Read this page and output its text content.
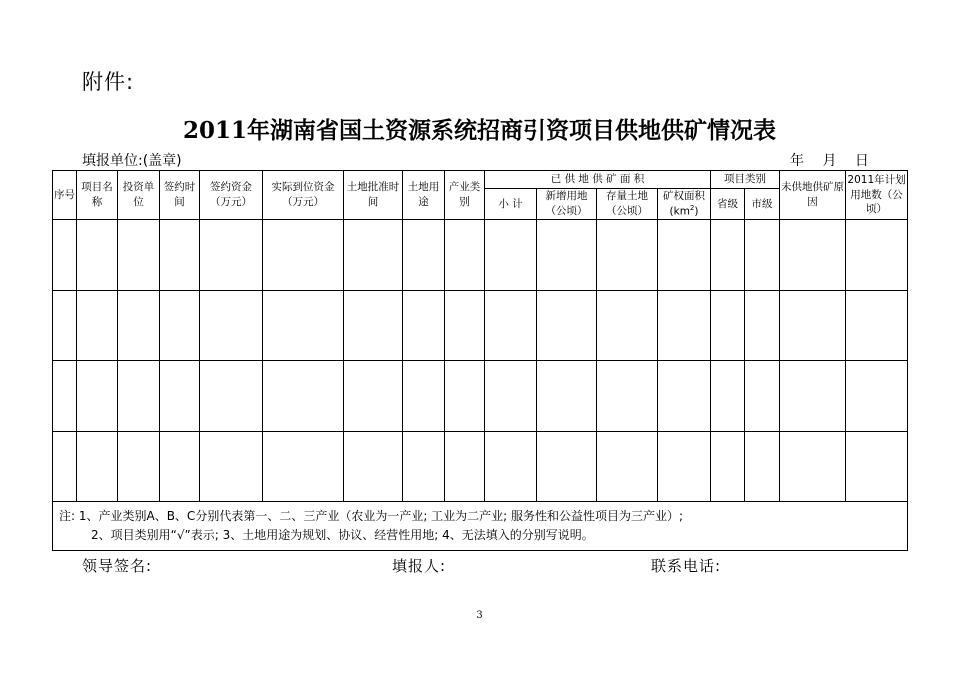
附件:
2011年湖南省国土资源系统招商引资项目供地供矿情况表
填报单位:(盖章)	年 月 日
序号	项目名称	投资单位	签约时间	签约资金（万元）	实际到位资金（万元）	土地批准时间	土地用途	产业类别	已 供 地 供 矿 面 积				项目类别		未供地供矿原因	2011年计划用地数（公顷）
									小 计	新增用地（公顷）	存量土地（公顷）	矿权面积$(km^2)$	省级	市级		

注: 1、产业类别A、B、C分别代表第一、二、三产业（农业为一产业; 工业为二产业; 服务性和公益性项目为三产业）;
2、项目类别用“√”表示; 3、土地用途为规划、协议、经营性用地; 4、无法填入的分别写说明。																
领导签名:	填报人:	联系电话:
3
